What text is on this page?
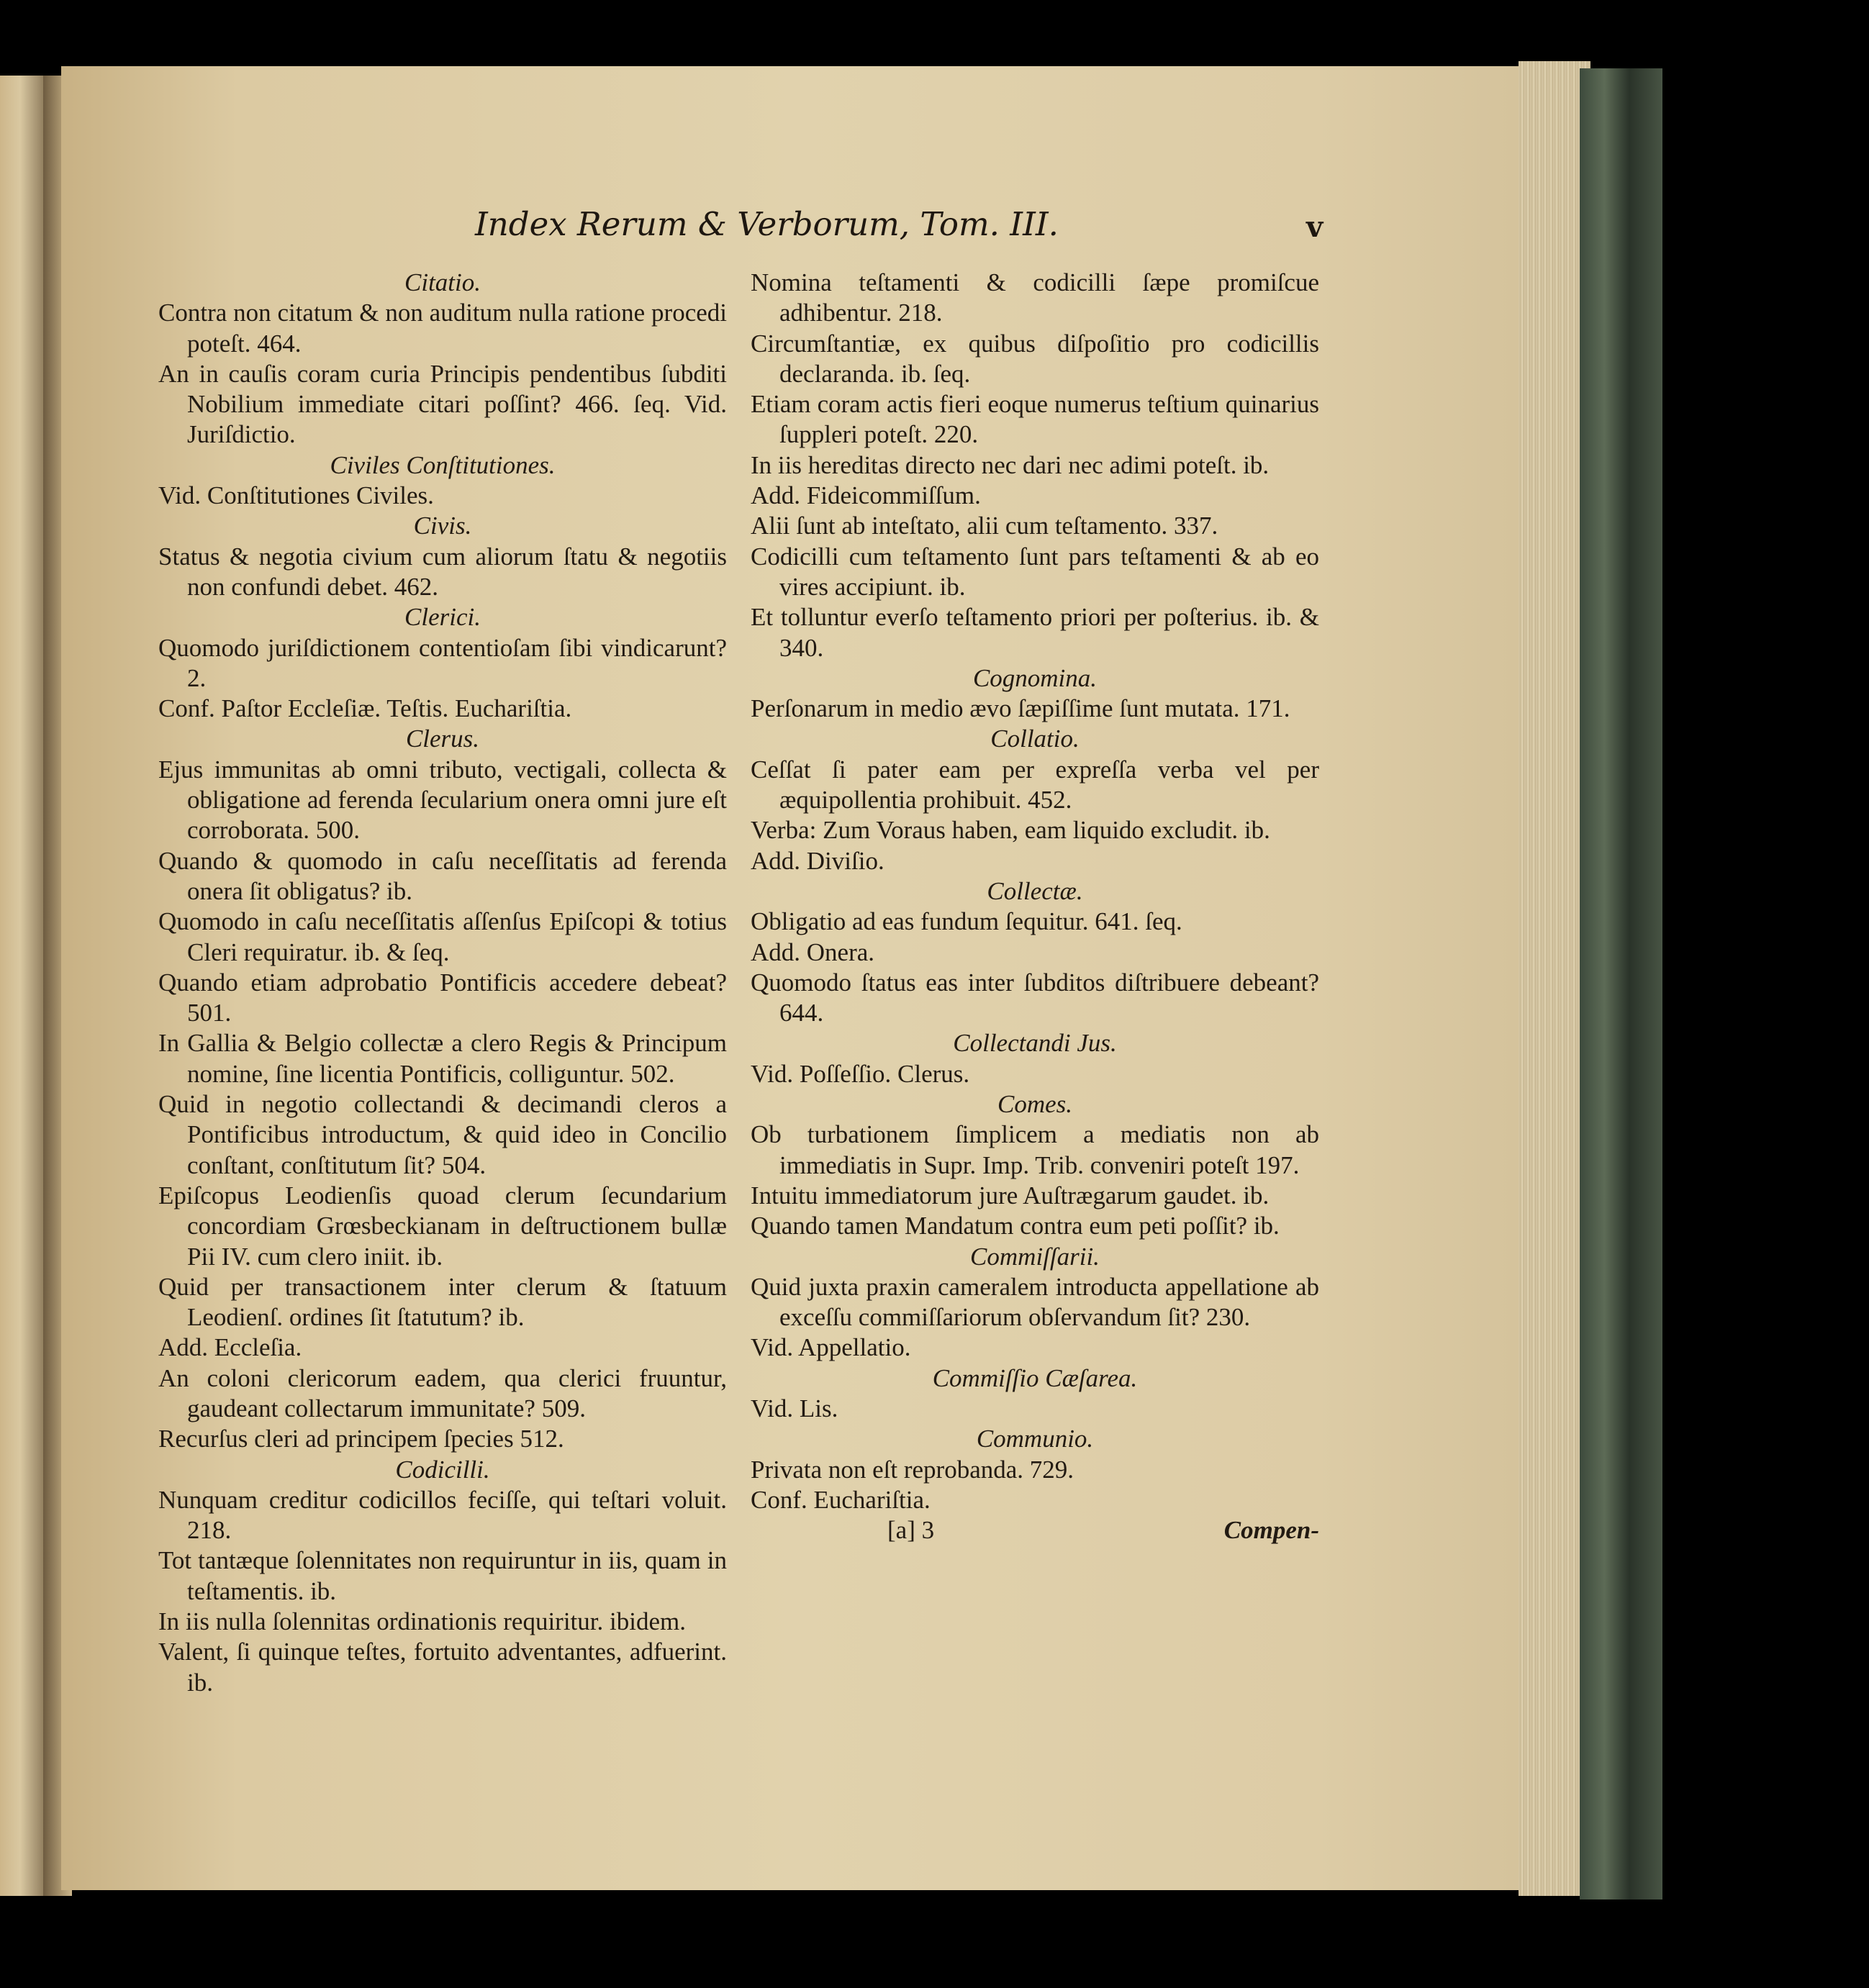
Index Rerum & Verborum, Tom. III.	v
Citatio.
Contra non citatum & non auditum nulla ratione procedi poteſt. 464.
An in cauſis coram curia Principis pendentibus ſubditi Nobilium immediate citari poſſint? 466. ſeq. Vid. Juriſdictio.
Civiles Conſtitutiones.
Vid. Conſtitutiones Civiles.
Civis.
Status & negotia civium cum aliorum ſtatu & negotiis non confundi debet. 462.
Clerici.
Quomodo juriſdictionem contentioſam ſibi vindicarunt? 2.
Conf. Paſtor Eccleſiæ. Teſtis. Euchariſtia.
Clerus.
Ejus immunitas ab omni tributo, vectigali, collecta & obligatione ad ferenda ſecularium onera omni jure eſt corroborata. 500.
Quando & quomodo in caſu neceſſitatis ad ferenda onera ſit obligatus? ib.
Quomodo in caſu neceſſitatis aſſenſus Epiſcopi & totius Cleri requiratur. ib. & ſeq.
Quando etiam adprobatio Pontificis accedere debeat? 501.
In Gallia & Belgio collectæ a clero Regis & Principum nomine, ſine licentia Pontificis, colliguntur. 502.
Quid in negotio collectandi & decimandi cleros a Pontificibus introductum, & quid ideo in Concilio conſtant, conſtitutum ſit? 504.
Epiſcopus Leodienſis quoad clerum ſecundarium concordiam Grœsbeckianam in deſtructionem bullæ Pii IV. cum clero iniit. ib.
Quid per transactionem inter clerum & ſtatuum Leodienſ. ordines ſit ſtatutum? ib.
Add. Eccleſia.
An coloni clericorum eadem, qua clerici fruuntur, gaudeant collectarum immunitate? 509.
Recurſus cleri ad principem ſpecies 512.
Codicilli.
Nunquam creditur codicillos feciſſe, qui teſtari voluit. 218.
Tot tantæque ſolennitates non requiruntur in iis, quam in teſtamentis. ib.
In iis nulla ſolennitas ordinationis requiritur. ibidem.
Valent, ſi quinque teſtes, fortuito adventantes, adfuerint. ib.
Nomina teſtamenti & codicilli ſæpe promiſcue adhibentur. 218.
Circumſtantiæ, ex quibus diſpoſitio pro codicillis declaranda. ib. ſeq.
Etiam coram actis fieri eoque numerus teſtium quinarius ſuppleri poteſt. 220.
In iis hereditas directo nec dari nec adimi poteſt. ib.
Add. Fideicommiſſum.
Alii ſunt ab inteſtato, alii cum teſtamento. 337.
Codicilli cum teſtamento ſunt pars teſtamenti & ab eo vires accipiunt. ib.
Et tolluntur everſo teſtamento priori per poſterius. ib. & 340.
Cognomina.
Perſonarum in medio ævo ſæpiſſime ſunt mutata. 171.
Collatio.
Ceſſat ſi pater eam per expreſſa verba vel per æquipollentia prohibuit. 452.
Verba: Zum Voraus haben, eam liquido excludit. ib.
Add. Diviſio.
Collectæ.
Obligatio ad eas fundum ſequitur. 641. ſeq.
Add. Onera.
Quomodo ſtatus eas inter ſubditos diſtribuere debeant? 644.
Collectandi Jus.
Vid. Poſſeſſio. Clerus.
Comes.
Ob turbationem ſimplicem a mediatis non ab immediatis in Supr. Imp. Trib. conveniri poteſt 197.
Intuitu immediatorum jure Auſtrægarum gaudet. ib.
Quando tamen Mandatum contra eum peti poſſit? ib.
Commiſſarii.
Quid juxta praxin cameralem introducta appellatione ab exceſſu commiſſariorum obſervandum ſit? 230.
Vid. Appellatio.
Commiſſio Cæſarea.
Vid. Lis.
Communio.
Privata non eſt reprobanda. 729.
Conf. Euchariſtia.
[a] 3	Compen-
